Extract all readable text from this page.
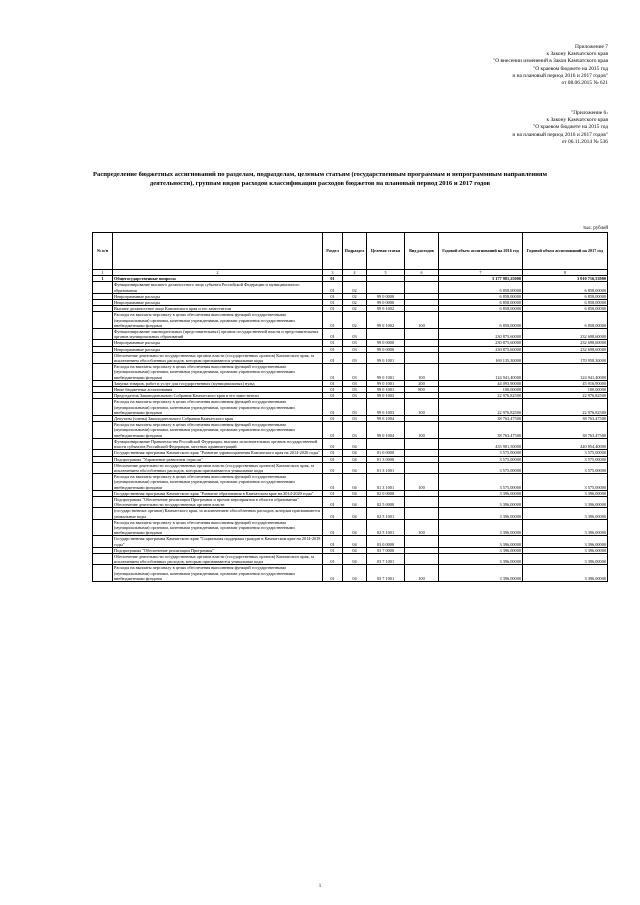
Приложение 7
к Закону Камчатского края
"О внесении изменений в Закон Камчатского края
"О краевом бюджете на 2015 год
и на плановый период 2016 и 2017 годов"
от 08.06.2015 № 621
"Приложение $6^1$
к Закону Камчатского края
"О краевом бюджете на 2015 год
и на плановый период 2016 и 2017 годов"
от 06.11.2014 № 536
Распределение бюджетных ассигнований по разделам, подразделам, целевым статьям (государственным программам и непрограммным направлениям деятельности), группам видов расходов классификации расходов бюджетов на плановый период 2016 и 2017 годов
тыс. рублей
№ п/п		Раздел	Подраздел	Целевая статья	Вид расходов	Годовой объем ассигнований на 2016 год	Годовой объем ассигнований на 2017 год
1	2	3	4	5	6	7	8
1	Общегосударственные вопросы	01				3 177 981,25000	3 010 716,53900
	Функционирование высшего должностного лица субъекта Российской Федерации и муниципального образования	01	02			6 858,00000	6 858,00000
	Непрограммные расходы	01	02	99 0 0000		6 858,00000	6 858,00000
	Непрограммные расходы	01	02	99 0 0000		6 858,00000	6 858,00000
	Высшее должностное лицо Камчатского края и его заместители	01	02	99 0 1002		6 858,00000	6 858,00000
	Расходы на выплаты персоналу в целях обеспечения выполнения функций государственными (муниципальными) органами, казенными учреждениями, органами управления государственными внебюджетными фондами	01	02	99 0 1002	100	6 858,00000	6 858,00000
	Функционирование законодательных (представительных) органов государственной власти и представительных органов муниципальных образований	01	03			230 875,60000	232 698,60000
	Непрограммные расходы	01	03	99 0 0000		230 875,60000	232 698,60000
	Непрограммные расходы	01	03	99 0 0000		230 875,60000	232 698,60000
	Обеспечение деятельности государственных органов власти (государственных органов) Камчатского края, за исключением обособленных расходов, которым присваиваются уникальные коды	01	03	99 0 1001		169 135,30000	170 958,30000
	Расходы на выплаты персоналу в целях обеспечения выполнения функций государственными (муниципальными) органами, казенными учреждениями, органами управления государственными внебюджетными фондами	01	03	99 0 1001	100	124 941,40000	124 941,40000
	Закупка товаров, работ и услуг для государственных (муниципальных) нужд	01	03	99 0 1001	200	44 093,90000	45 916,90000
	Иные бюджетные ассигнования	01	03	99 0 1001	800	100,00000	100,00000
	Председатель Законодательного Собрания Камчатского края и его заместители	01	03	99 0 1003		22 976,82500	22 976,82500
	Расходы на выплаты персоналу в целях обеспечения выполнения функций государственными (муниципальными) органами, казенными учреждениями, органами управления государственными внебюджетными фондами	01	03	99 0 1003	100	22 976,82500	22 976,82500
	Депутаты (члены) Законодательного Собрания Камчатского края	01	03	99 0 1004		38 763,47500	38 763,47500
	Расходы на выплаты персоналу в целях обеспечения выполнения функций государственными (муниципальными) органами, казенными учреждениями, органами управления государственными внебюджетными фондами	01	03	99 0 1004	100	38 763,47500	38 763,47500
	Функционирование Правительства Российской Федерации, высших исполнительных органов государственной власти субъектов Российской Федерации, местных администраций	01	04			435 981,50000	440 854,40000
	Государственная программа Камчатского края "Развитие здравоохранения Камчатского края на 2014-2020 годы"	01	04	01 0 0000		3 575,00000	3 575,00000
	Подпрограмма "Управление развитием отрасли"	01	04	01 3 0000		3 575,00000	3 575,00000
	Обеспечение деятельности государственных органов власти (государственных органов) Камчатского края, за исключением обособленных расходов, которым присваиваются уникальные коды	01	04	01 3 1001		3 575,00000	3 575,00000
	Расходы на выплаты персоналу в целях обеспечения выполнения функций государственными (муниципальными) органами, казенными учреждениями, органами управления государственными внебюджетными фондами	01	04	01 3 1001	100	3 575,00000	3 575,00000
	Государственная программа Камчатского края "Развитие образования в Камчатском крае на 2014-2020 годы"	01	04	02 0 0000		3 396,00000	3 396,00000
	Подпрограмма "Обеспечение реализации Программы и прочие мероприятия в области образования" Обеспечение деятельности государственных органов власти	01	04	02 5 0000		3 396,00000	3 396,00000
	(государственных органов) Камчатского края, за исключением обособленных расходов, которым присваиваются уникальные коды	01	04	02 5 1001		3 396,00000	3 396,00000
	Расходы на выплаты персоналу в целях обеспечения выполнения функций государственными (муниципальными) органами, казенными учреждениями, органами управления государственными внебюджетными фондами	01	04	02 5 1001	100	3 396,00000	3 396,00000
	Государственная программа Камчатского края "Социальная поддержка граждан в Камчатском крае на 2014-2018 годы"	01	04	03 0 0000		3 396,00000	3 396,00000
	Подпрограмма "Обеспечение реализации Программы"	01	04	03 7 0000		3 396,00000	3 396,00000
	Обеспечение деятельности государственных органов власти (государственных органов) Камчатского края, за исключением обособленных расходов, которым присваиваются уникальные коды	01	04	03 7 1001		3 396,00000	3 396,00000
	Расходы на выплаты персоналу в целях обеспечения выполнения функций государственными (муниципальными) органами, казенными учреждениями, органами управления государственными внебюджетными фондами	01	04	03 7 1001	100	3 396,00000	3 396,00000
1
